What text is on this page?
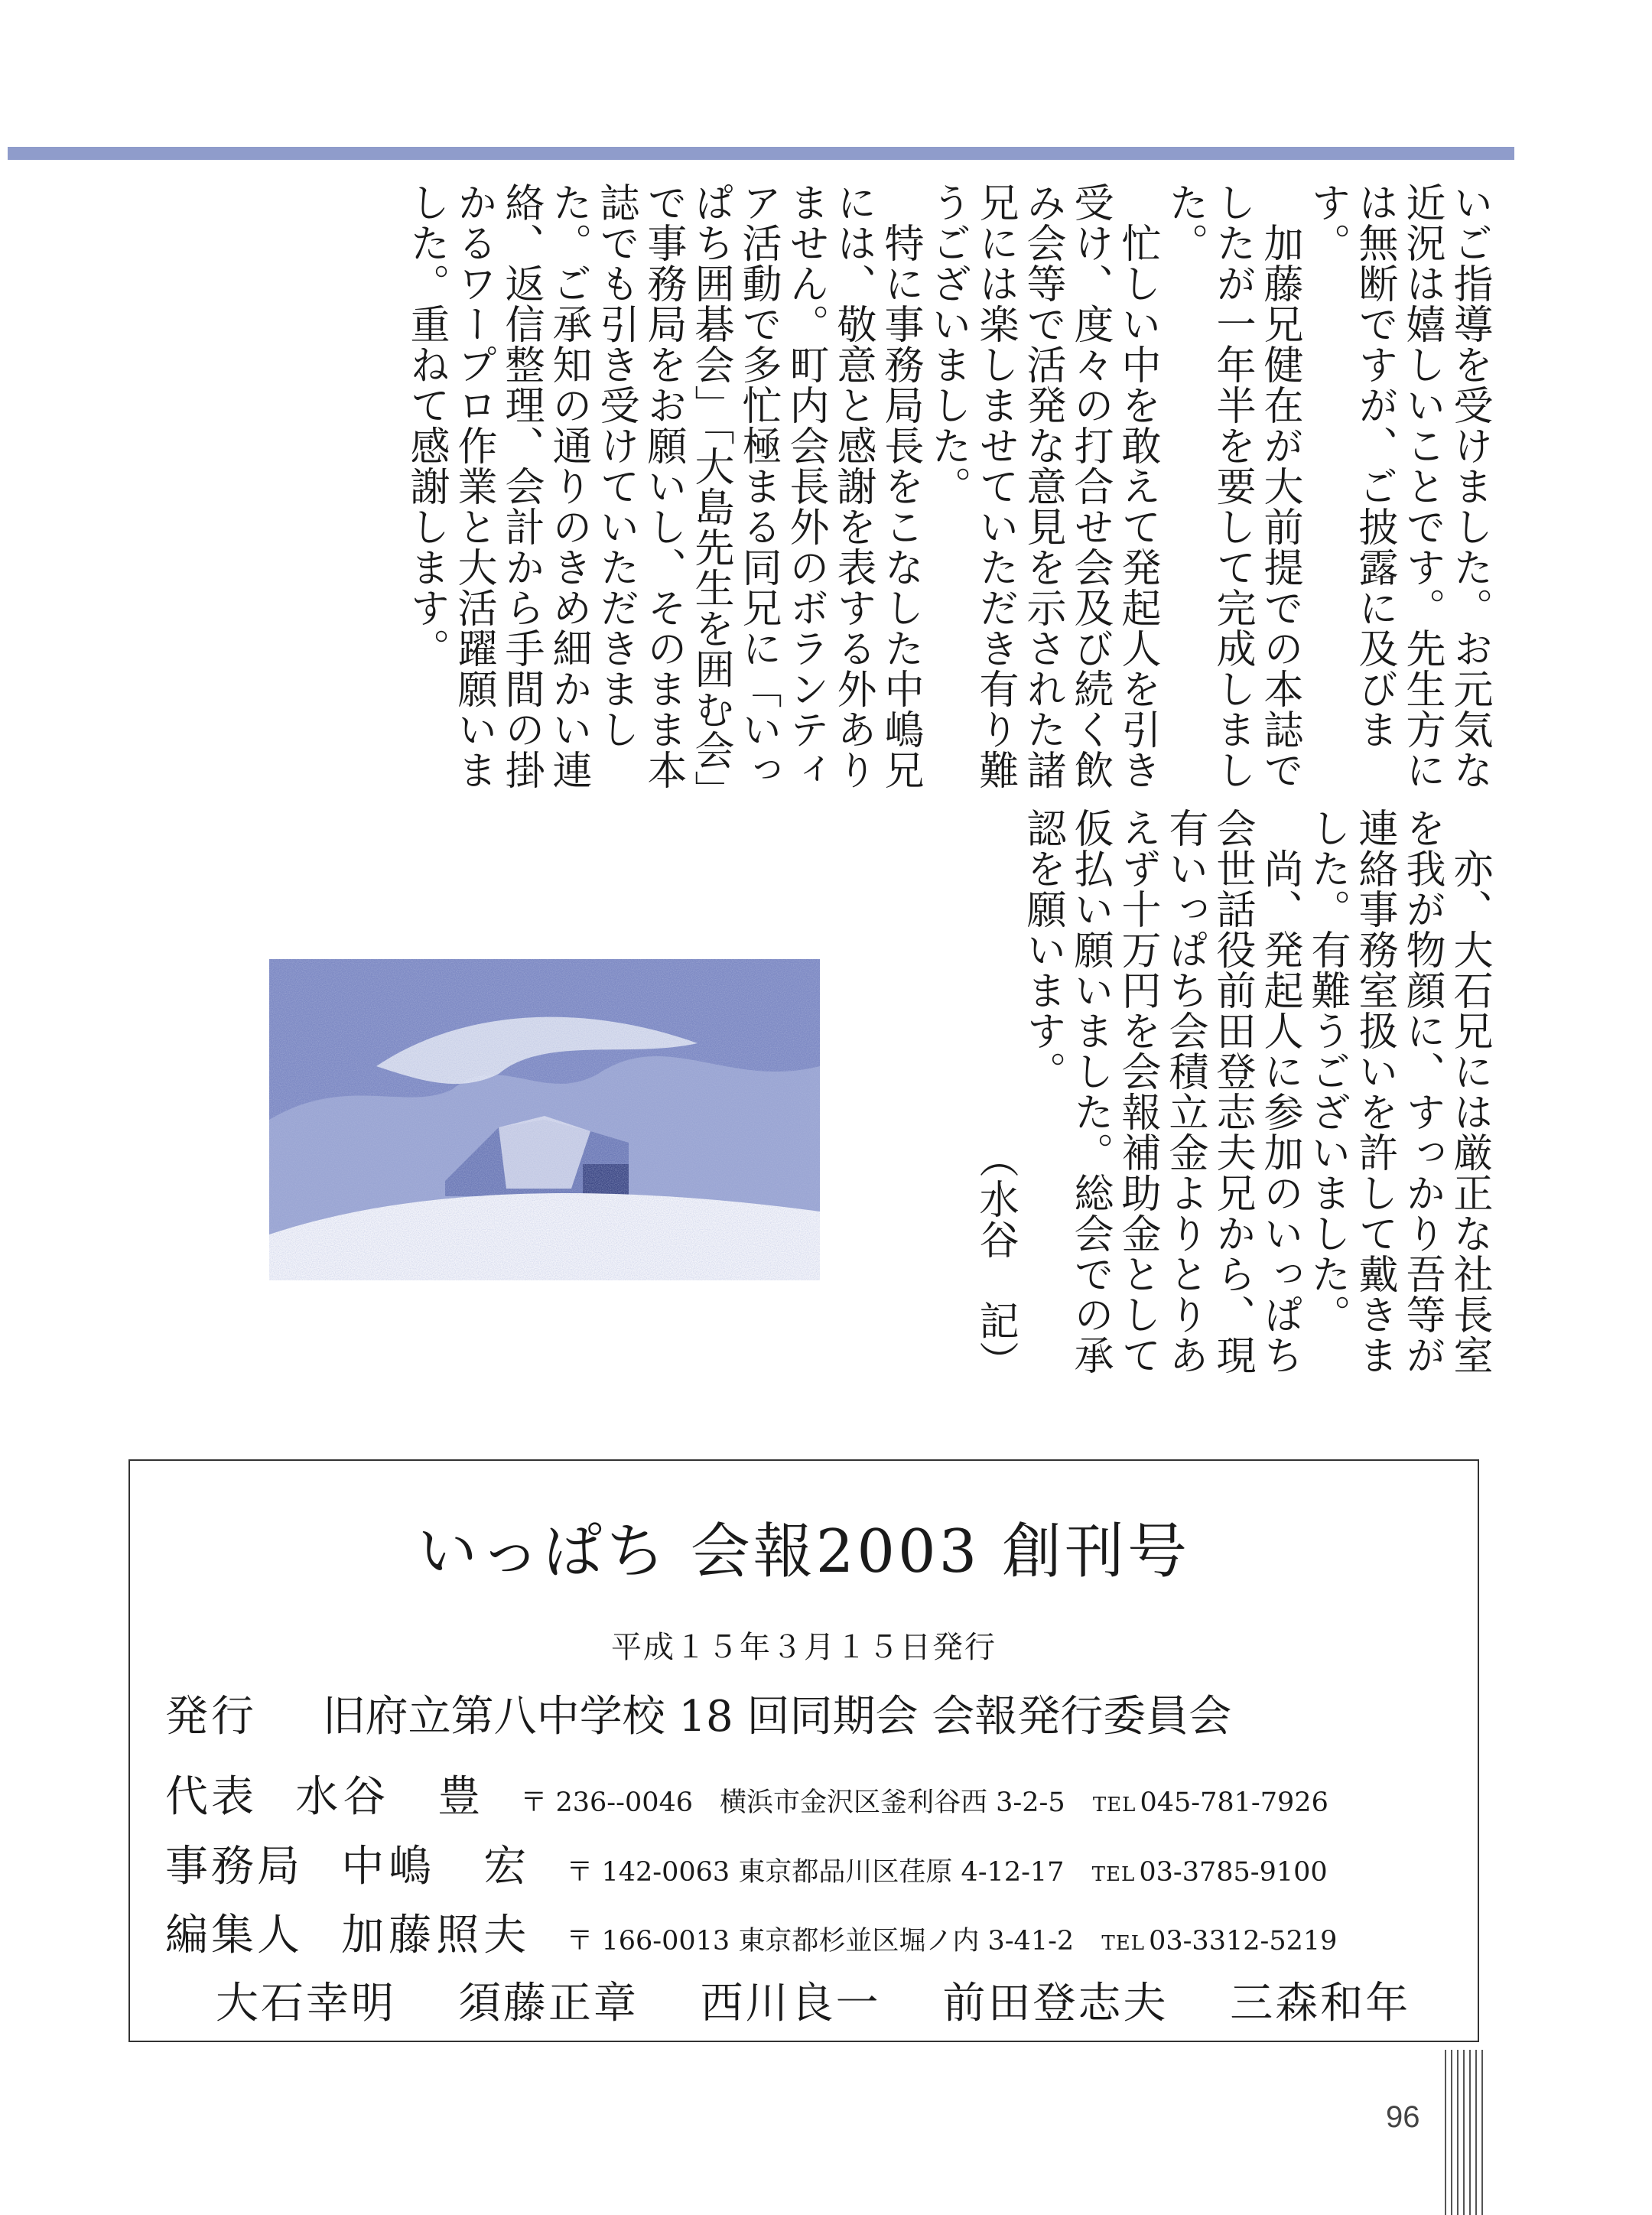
いご指導を受けました。お元気な近況は嬉しいことです。先生方には無断ですが、ご披露に及びます。

　加藤兄健在が大前提での本誌でしたが一年半を要して完成しました。

　忙しい中を敢えて発起人を引き受け、度々の打合せ会及び続く飲み会等で活発な意見を示された諸兄には楽しませていただき有り難うございました。

　特に事務局長をこなした中嶋兄には、敬意と感謝を表する外ありません。町内会長外のボランティア活動で多忙極まる同兄に「いっぱち囲碁会」「大島先生を囲む会」で事務局をお願いし、そのまま本誌でも引き受けていただきました。ご承知の通りのきめ細かい連絡、返信整理、会計から手間の掛かるワープロ作業と大活躍願いました。重ねて感謝します。

　亦、大石兄には厳正な社長室を我が物顔に、すっかり吾等が連絡事務室扱いを許して戴きました。有難うございました。

　尚、発起人に参加のいっぱち会世話役前田登志夫兄から、現有いっぱち会積立金よりとりあえず十万円を会報補助金として仮払い願いました。総会での承認を願います。

（水谷　記）

いっぱち 会報2003 創刊号
平成１５年３月１５日発行
発行 旧府立第八中学校 18 回同期会 会報発行委員会
代表 水谷　豊 〒 236-‐0046　横浜市金沢区釜利谷西 3-2-5 TEL 045-781-7926
事務局 中嶋　宏 〒 142-0063 東京都品川区荏原 4-12-17 TEL 03-3785-9100
編集人 加藤照夫 〒 166-0013 東京都杉並区堀ノ内 3-41-2 TEL 03-3312-5219
大石幸明 須藤正章 西川良一 前田登志夫 三森和年
96
